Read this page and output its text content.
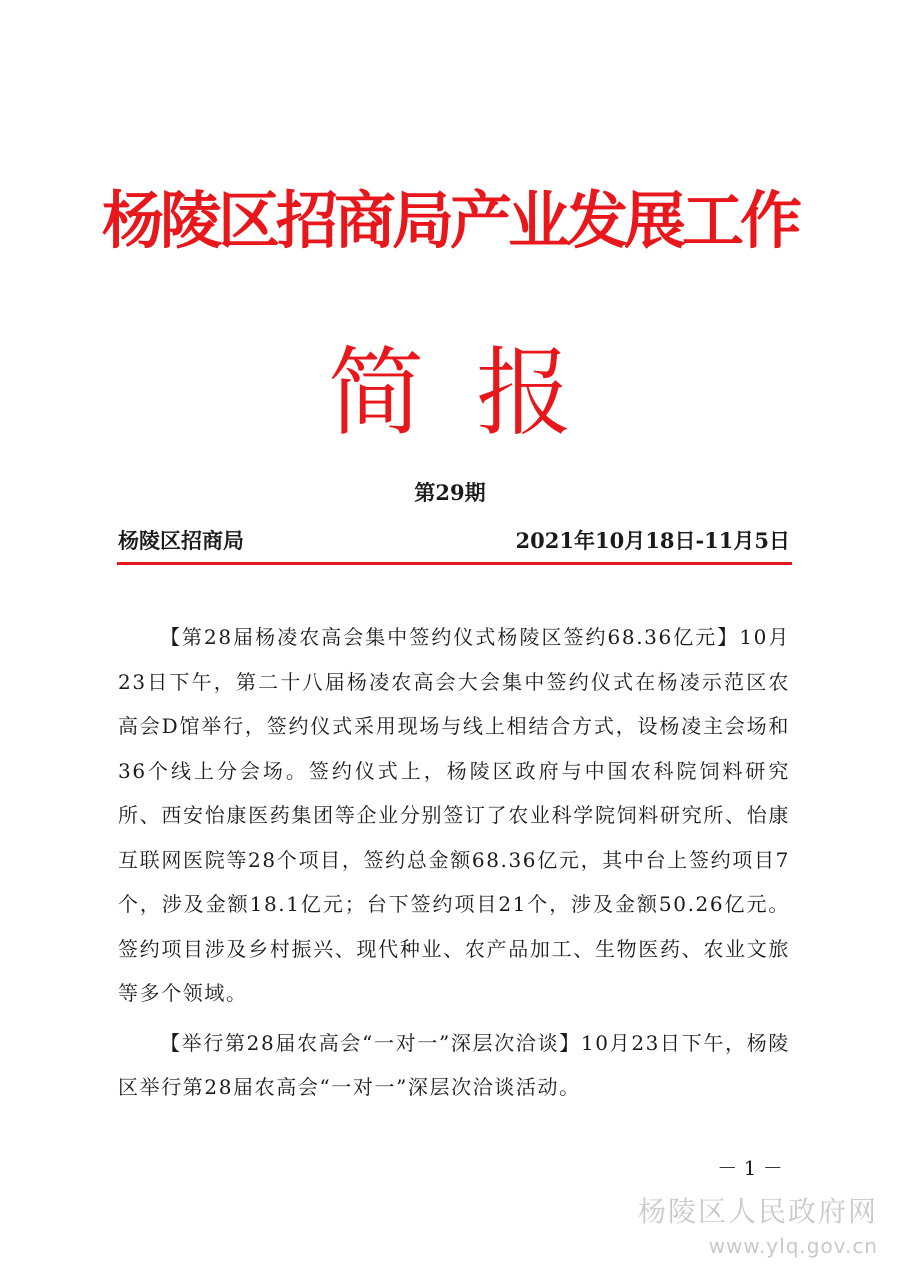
杨陵区招商局产业发展工作
简报
第29期
杨陵区招商局	2021年10月18日-11月5日

【第28届杨凌农高会集中签约仪式杨陵区签约68.36亿元】10月23日下午，第二十八届杨凌农高会大会集中签约仪式在杨凌示范区农高会D馆举行，签约仪式采用现场与线上相结合方式，设杨凌主会场和36个线上分会场。签约仪式上，杨陵区政府与中国农科院饲料研究所、西安怡康医药集团等企业分别签订了农业科学院饲料研究所、怡康互联网医院等28个项目，签约总金额68.36亿元，其中台上签约项目7个，涉及金额18.1亿元；台下签约项目21个，涉及金额50.26亿元。签约项目涉及乡村振兴、现代种业、农产品加工、生物医药、农业文旅等多个领域。

【举行第28届农高会“一对一”深层次洽谈】10月23日下午，杨陵区举行第28届农高会“一对一”深层次洽谈活动。

－ 1 －
杨陵区人民政府网
www.ylq.gov.cn
